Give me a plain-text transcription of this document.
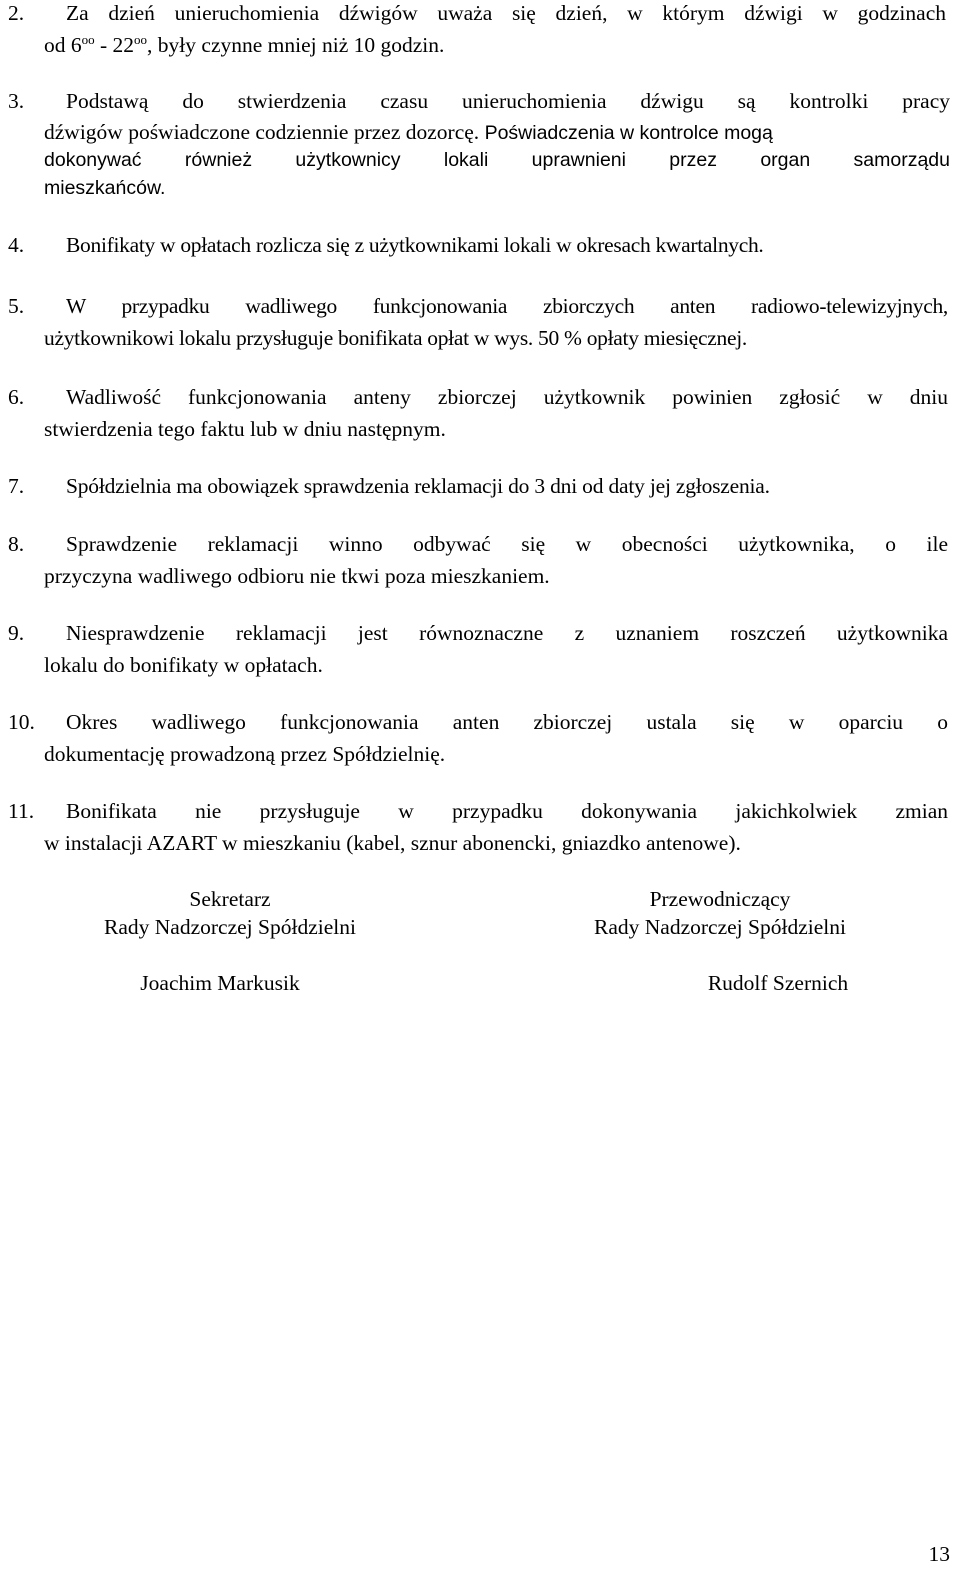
2. Za dzień unieruchomienia dźwigów uważa się dzień, w którym dźwigi w godzinach
od $6^{oo} - 22^{oo}$, były czynne mniej niż 10 godzin.
3. Podstawą do stwierdzenia czasu unieruchomienia dźwigu są kontrolki pracy
dźwigów poświadczone codziennie przez dozorcę. Poświadczenia w kontrolce mogą
dokonywać również użytkownicy lokali uprawnieni przez organ samorządu
mieszkańców.
4. Bonifikaty w opłatach rozlicza się z użytkownikami lokali w okresach kwartalnych.
5. W przypadku wadliwego funkcjonowania zbiorczych anten radiowo-telewizyjnych,
użytkownikowi lokalu przysługuje bonifikata opłat w wys. 50 % opłaty miesięcznej.
6. Wadliwość funkcjonowania anteny zbiorczej użytkownik powinien zgłosić w dniu
stwierdzenia tego faktu lub w dniu następnym.
7. Spółdzielnia ma obowiązek sprawdzenia reklamacji do 3 dni od daty jej zgłoszenia.
8. Sprawdzenie reklamacji winno odbywać się w obecności użytkownika, o ile
przyczyna wadliwego odbioru nie tkwi poza mieszkaniem.
9. Niesprawdzenie reklamacji jest równoznaczne z uznaniem roszczeń użytkownika
lokalu do bonifikaty w opłatach.
10. Okres wadliwego funkcjonowania anten zbiorczej ustala się w oparciu o
dokumentację prowadzoną przez Spółdzielnię.
11. Bonifikata nie przysługuje w przypadku dokonywania jakichkolwiek zmian
w instalacji AZART w mieszkaniu (kabel, sznur abonencki, gniazdko antenowe).
Sekretarz
Rady Nadzorczej Spółdzielni
Joachim Markusik
Przewodniczący
Rady Nadzorczej Spółdzielni
Rudolf Szernich
13
